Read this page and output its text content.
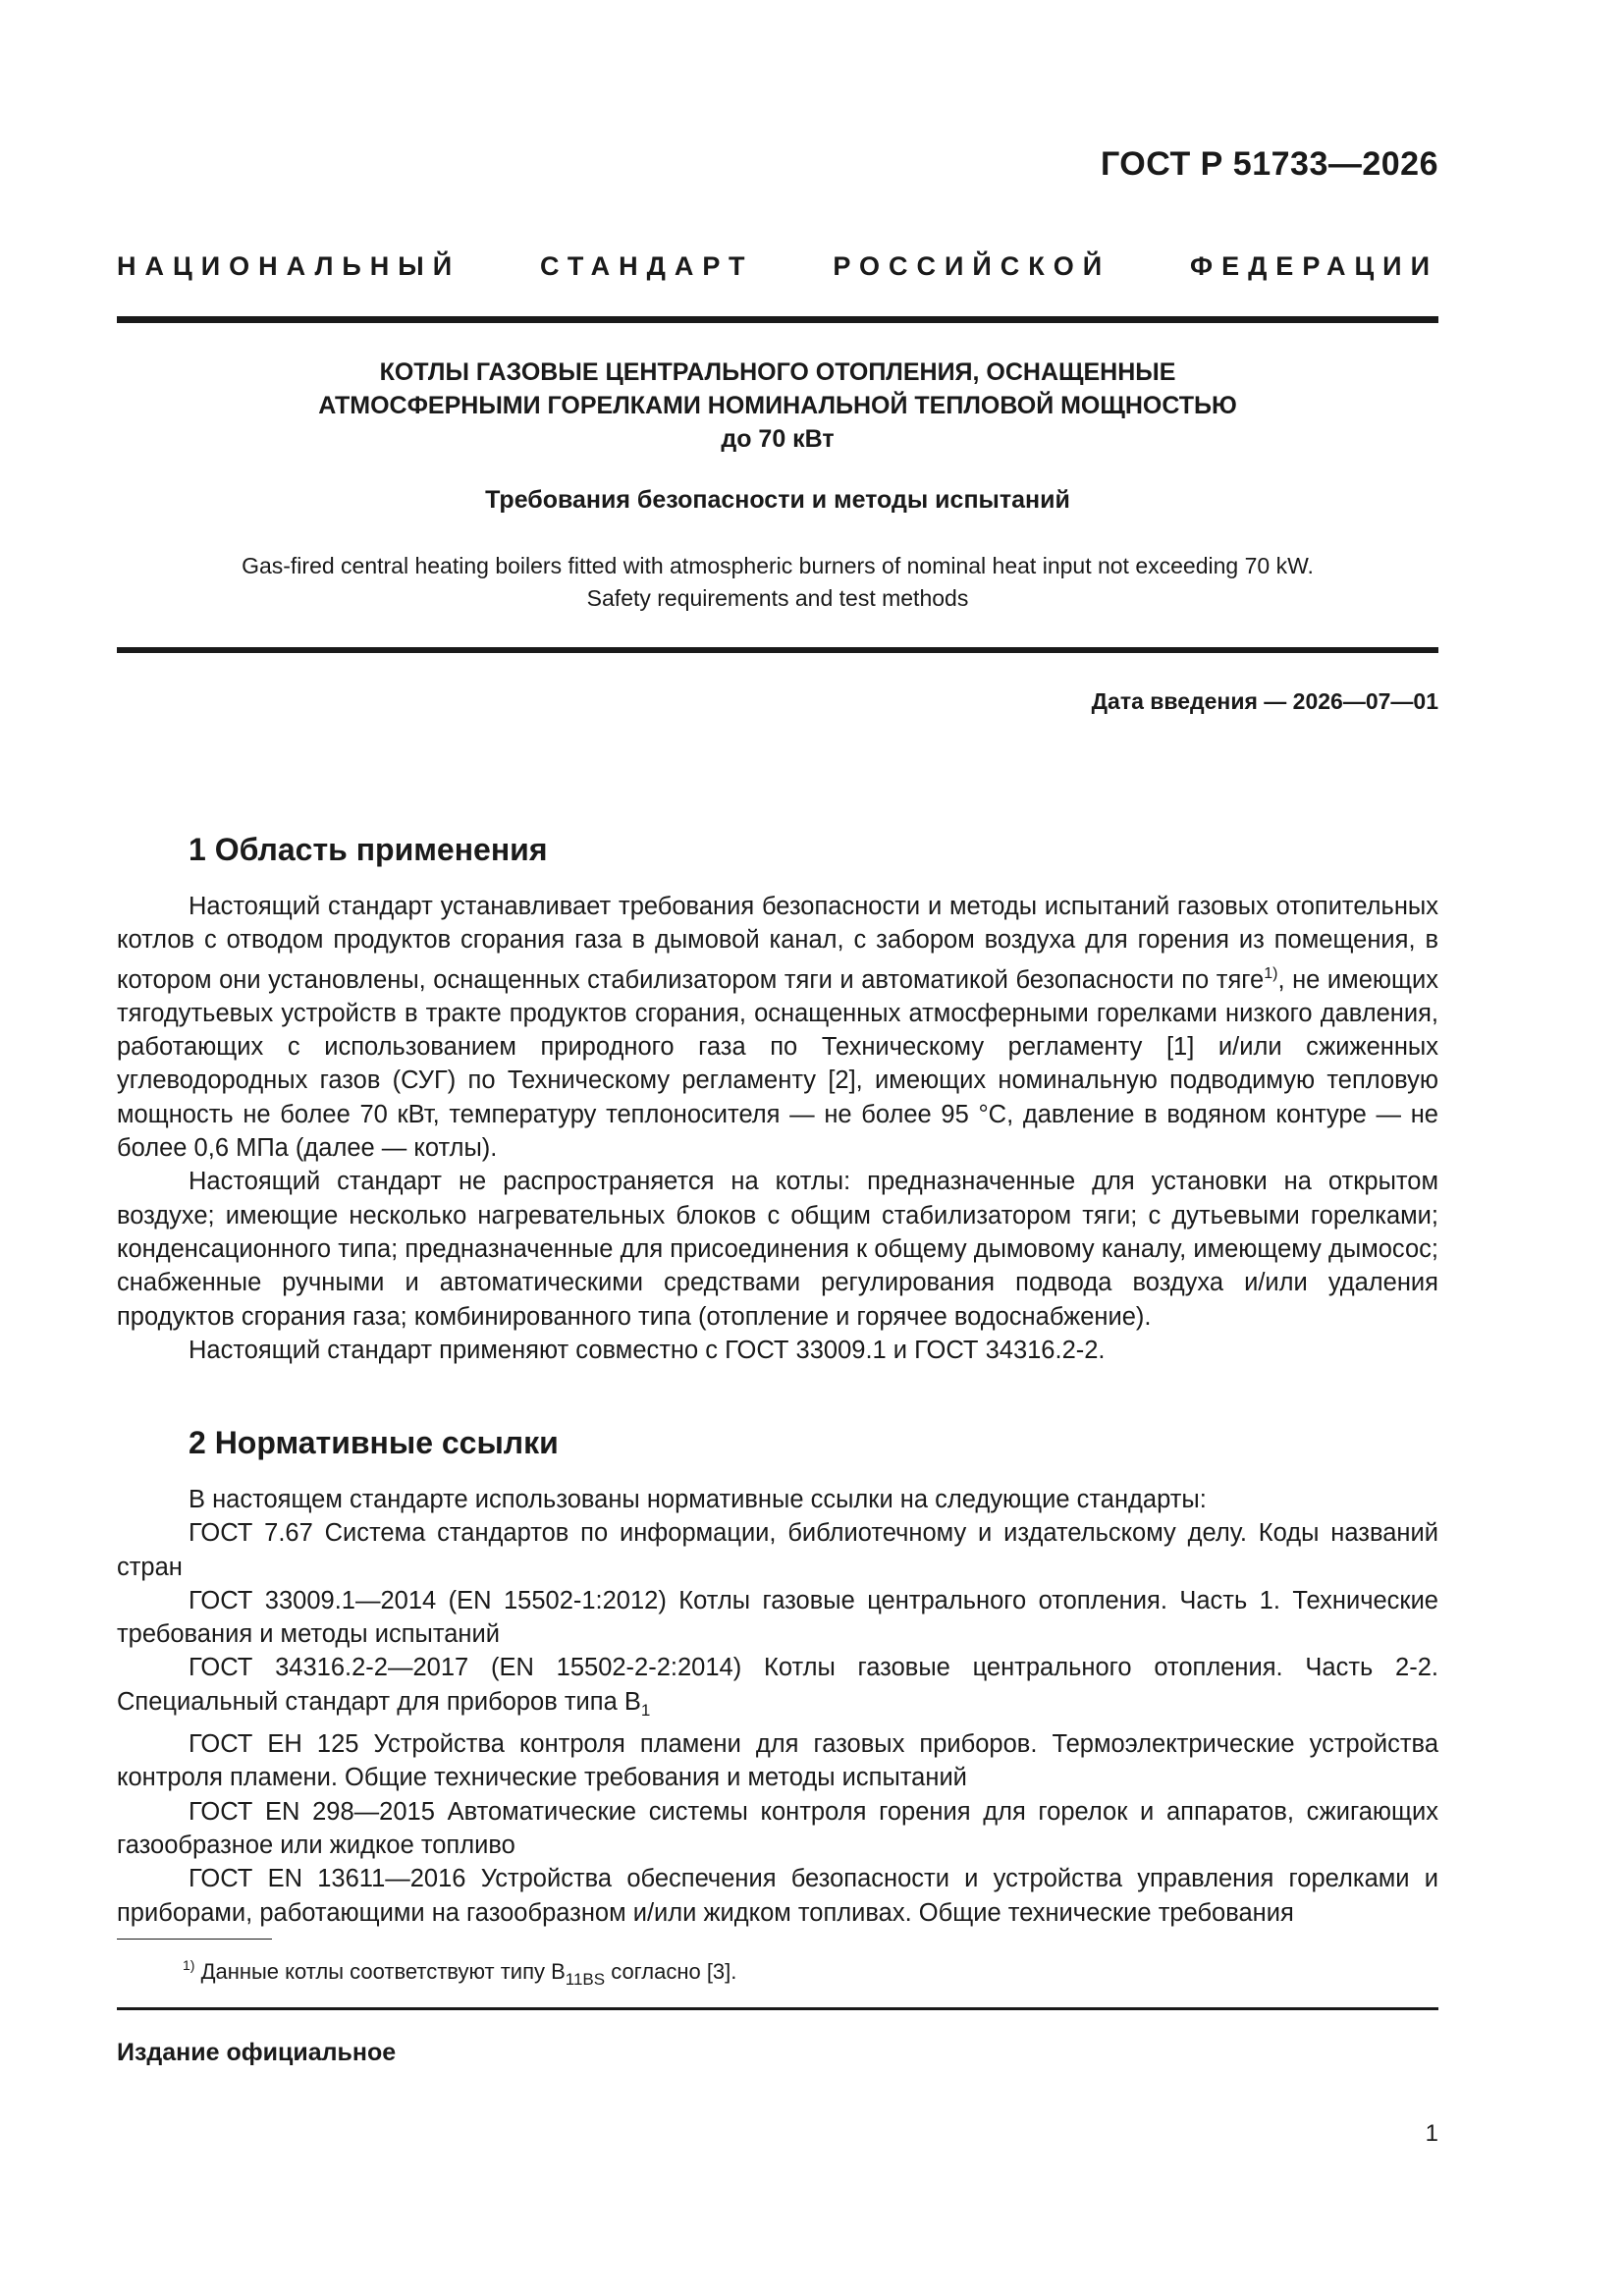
ГОСТ Р 51733—2026
НАЦИОНАЛЬНЫЙ СТАНДАРТ РОССИЙСКОЙ ФЕДЕРАЦИИ
КОТЛЫ ГАЗОВЫЕ ЦЕНТРАЛЬНОГО ОТОПЛЕНИЯ, ОСНАЩЕННЫЕ
АТМОСФЕРНЫМИ ГОРЕЛКАМИ НОМИНАЛЬНОЙ ТЕПЛОВОЙ МОЩНОСТЬЮ
до 70 кВт
Требования безопасности и методы испытаний
Gas-fired central heating boilers fitted with atmospheric burners of nominal heat input not exceeding 70 kW.
Safety requirements and test methods
Дата введения — 2026—07—01
1 Область применения

Настоящий стандарт устанавливает требования безопасности и методы испытаний газовых отопительных котлов с отводом продуктов сгорания газа в дымовой канал, с забором воздуха для горения из помещения, в котором они установлены, оснащенных стабилизатором тяги и автоматикой безопасности по тяге$^{1)}$, не имеющих тягодутьевых устройств в тракте продуктов сгорания, оснащенных атмосферными горелками низкого давления, работающих с использованием природного газа по Техническому регламенту [1] и/или сжиженных углеводородных газов (СУГ) по Техническому регламенту [2], имеющих номинальную подводимую тепловую мощность не более 70 кВт, температуру теплоносителя — не более 95 °С, давление в водяном контуре — не более 0,6 МПа (далее — котлы).

Настоящий стандарт не распространяется на котлы: предназначенные для установки на открытом воздухе; имеющие несколько нагревательных блоков с общим стабилизатором тяги; с дутьевыми горелками; конденсационного типа; предназначенные для присоединения к общему дымовому каналу, имеющему дымосос; снабженные ручными и автоматическими средствами регулирования подвода воздуха и/или удаления продуктов сгорания газа; комбинированного типа (отопление и горячее водоснабжение).

Настоящий стандарт применяют совместно с ГОСТ 33009.1 и ГОСТ 34316.2-2.

2 Нормативные ссылки

В настоящем стандарте использованы нормативные ссылки на следующие стандарты:

ГОСТ 7.67 Система стандартов по информации, библиотечному и издательскому делу. Коды названий стран

ГОСТ 33009.1—2014 (EN 15502-1:2012) Котлы газовые центрального отопления. Часть 1. Технические требования и методы испытаний

ГОСТ 34316.2-2—2017 (EN 15502-2-2:2014) Котлы газовые центрального отопления. Часть 2-2. Специальный стандарт для приборов типа $B_1$

ГОСТ ЕН 125 Устройства контроля пламени для газовых приборов. Термоэлектрические устройства контроля пламени. Общие технические требования и методы испытаний

ГОСТ EN 298—2015 Автоматические системы контроля горения для горелок и аппаратов, сжигающих газообразное или жидкое топливо

ГОСТ EN 13611—2016 Устройства обеспечения безопасности и устройства управления горелками и приборами, работающими на газообразном и/или жидком топливах. Общие технические требования

$^{1)}$ Данные котлы соответствуют типу $B_{11BS}$ согласно [3].
Издание официальное
1
